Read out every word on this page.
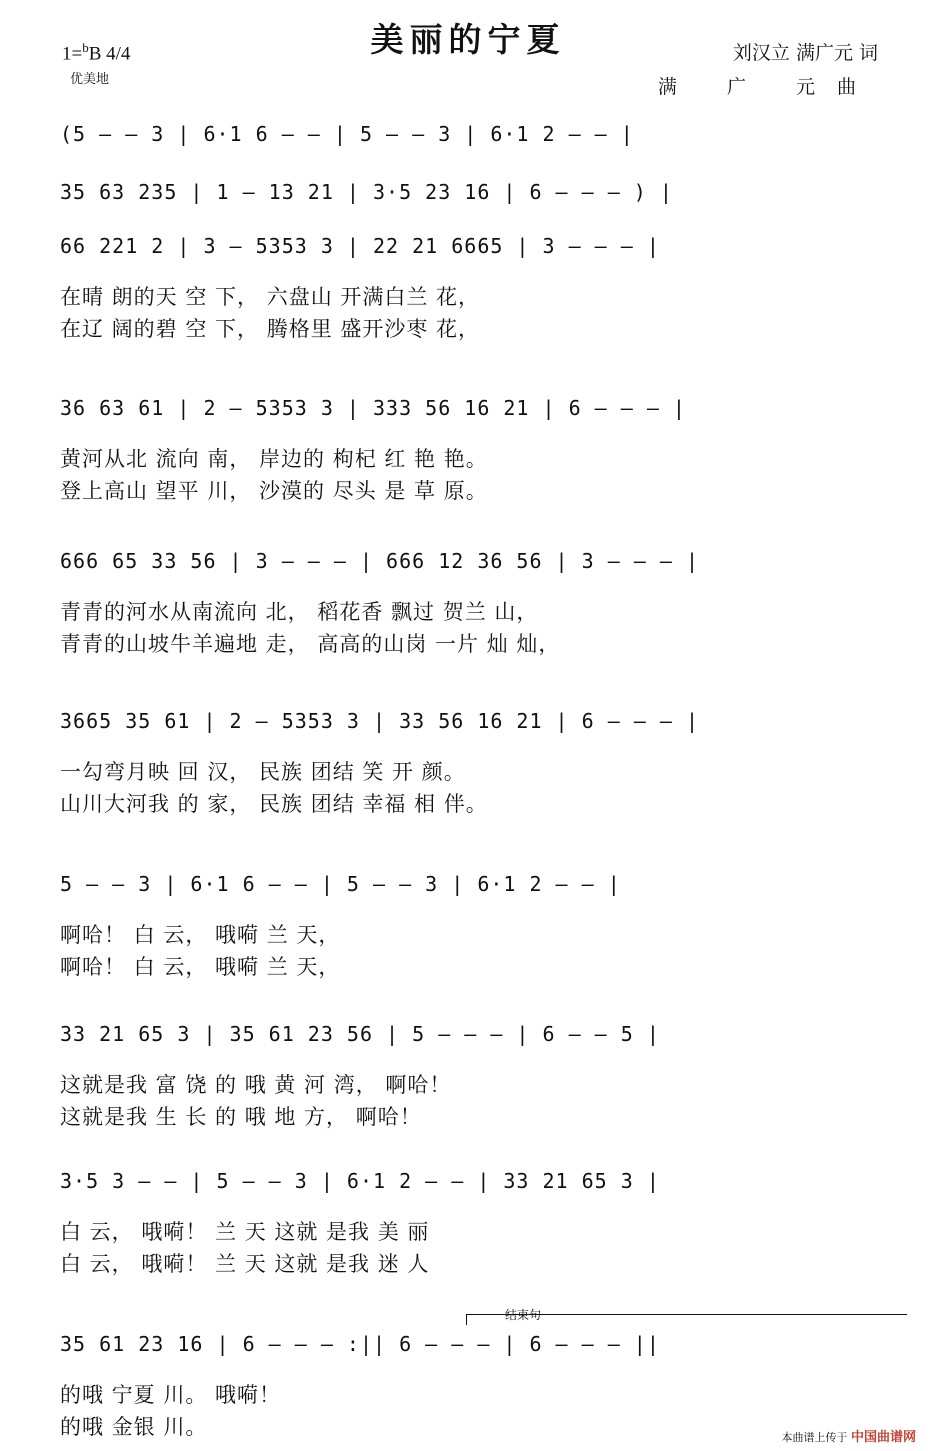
美丽的宁夏
1=$^b$B 4/4
优美地
刘汉立 满广元 词
满 广 元曲
(5 — — 3 | 6·1 6 — — | 5 — — 3 | 6·1 2 — — |
35 63 235 | 1 — 13 21 | 3·5 23 16 | 6 — — — ) |
66 221 2 | 3 — 5353 3 | 22 21 6665 | 3 — — — |
在晴 朗的天 空 下， 六盘山 开满白兰 花，
在辽 阔的碧 空 下， 腾格里 盛开沙枣 花，
36 63 61 | 2 — 5353 3 | 333 56 16 21 | 6 — — — |
黄河从北 流向 南， 岸边的 枸杞 红 艳 艳。
登上高山 望平 川， 沙漠的 尽头 是 草 原。
666 65 33 56 | 3 — — — | 666 12 36 56 | 3 — — — |
青青的河水从南流向 北， 稻花香 飘过 贺兰 山，
青青的山坡牛羊遍地 走， 高高的山岗 一片 灿 灿，
3665 35 61 | 2 — 5353 3 | 33 56 16 21 | 6 — — — |
一勾弯月映 回 汉， 民族 团结 笑 开 颜。
山川大河我 的 家， 民族 团结 幸福 相 伴。
5 — — 3 | 6·1 6 — — | 5 — — 3 | 6·1 2 — — |
啊哈！ 白 云， 哦嗬 兰 天，
啊哈！ 白 云， 哦嗬 兰 天，
33 21 65 3 | 35 61 23 56 | 5 — — — | 6 — — 5 |
这就是我 富 饶 的 哦 黄 河 湾， 啊哈！
这就是我 生 长 的 哦 地 方， 啊哈！
3·5 3 — — | 5 — — 3 | 6·1 2 — — | 33 21 65 3 |
白 云， 哦嗬！ 兰 天 这就 是我 美 丽
白 云， 哦嗬！ 兰 天 这就 是我 迷 人
35 61 23 16 | 6 — — — :|| 6 — — — | 6 — — — ||
的哦 宁夏 川。 哦嗬！
的哦 金银 川。
结束句
本曲谱上传于 中国曲谱网
